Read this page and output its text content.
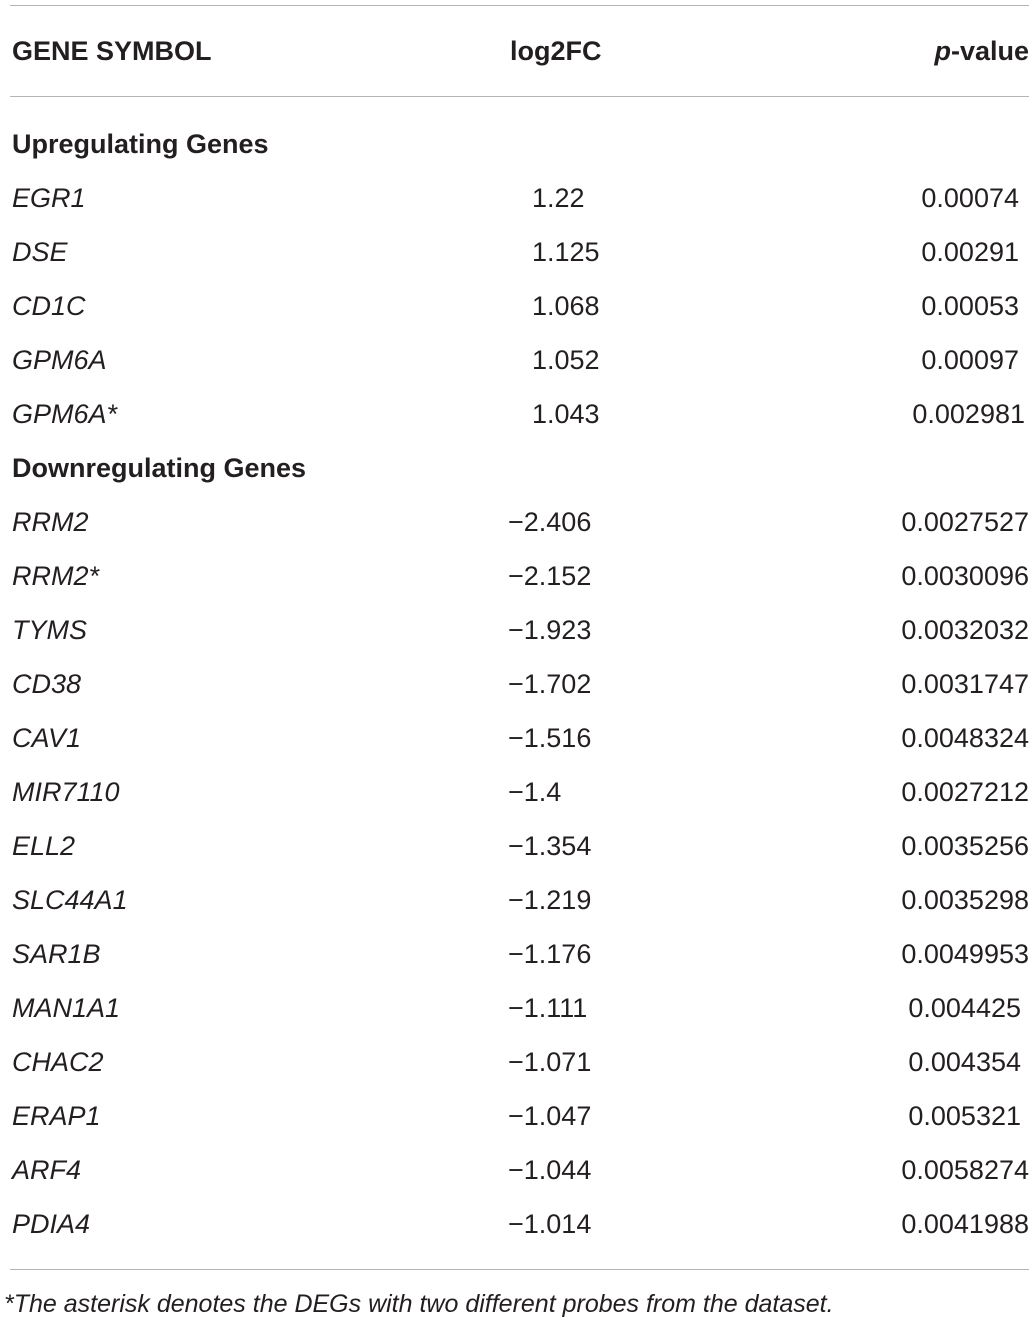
GENE SYMBOL	log2FC	p-value
Upregulating Genes
EGR1	1.22	0.00074
DSE	1.125	0.00291
CD1C	1.068	0.00053
GPM6A	1.052	0.00097
GPM6A*	1.043	0.002981
Downregulating Genes
RRM2	−2.406	0.0027527
RRM2*	−2.152	0.0030096
TYMS	−1.923	0.0032032
CD38	−1.702	0.0031747
CAV1	−1.516	0.0048324
MIR7110	−1.4	0.0027212
ELL2	−1.354	0.0035256
SLC44A1	−1.219	0.0035298
SAR1B	−1.176	0.0049953
MAN1A1	−1.111	0.004425
CHAC2	−1.071	0.004354
ERAP1	−1.047	0.005321
ARF4	−1.044	0.0058274
PDIA4	−1.014	0.0041988
*The asterisk denotes the DEGs with two different probes from the dataset.
